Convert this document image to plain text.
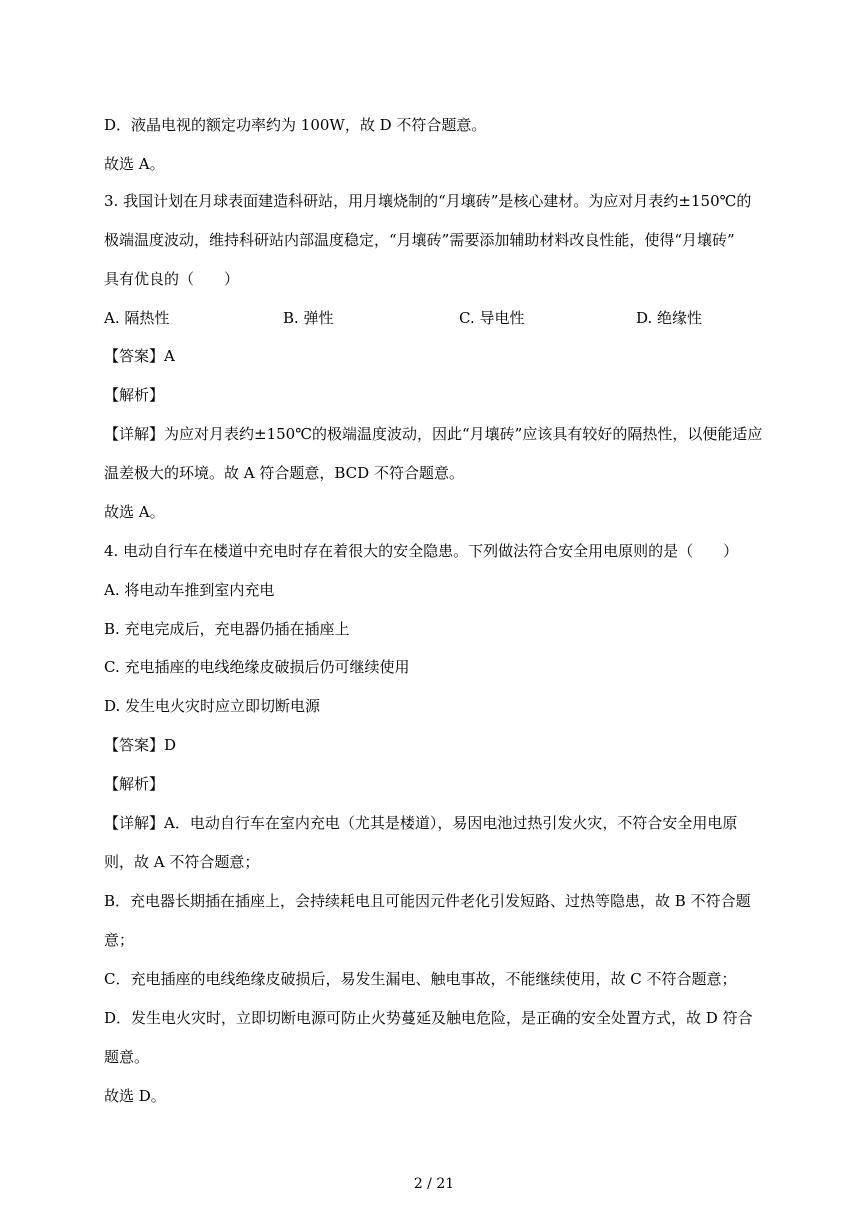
D．液晶电视的额定功率约为 100W，故 D 不符合题意。
故选 A。
3. 我国计划在月球表面建造科研站，用月壤烧制的“月壤砖”是核心建材。为应对月表约±150℃的
极端温度波动，维持科研站内部温度稳定，“月壤砖”需要添加辅助材料改良性能，使得“月壤砖”
具有优良的（　　）
A. 隔热性	B. 弹性	C. 导电性	D. 绝缘性
【答案】A
【解析】
【详解】为应对月表约±150℃的极端温度波动，因此“月壤砖”应该具有较好的隔热性，以便能适应
温差极大的环境。故 A 符合题意，BCD 不符合题意。
故选 A。
4. 电动自行车在楼道中充电时存在着很大的安全隐患。下列做法符合安全用电原则的是（　　）
A. 将电动车推到室内充电
B. 充电完成后，充电器仍插在插座上
C. 充电插座的电线绝缘皮破损后仍可继续使用
D. 发生电火灾时应立即切断电源
【答案】D
【解析】
【详解】A．电动自行车在室内充电（尤其是楼道），易因电池过热引发火灾，不符合安全用电原
则，故 A 不符合题意；
B．充电器长期插在插座上，会持续耗电且可能因元件老化引发短路、过热等隐患，故 B 不符合题
意；
C．充电插座的电线绝缘皮破损后，易发生漏电、触电事故，不能继续使用，故 C 不符合题意；
D．发生电火灾时，立即切断电源可防止火势蔓延及触电危险，是正确的安全处置方式，故 D 符合
题意。
故选 D。
2 / 21
